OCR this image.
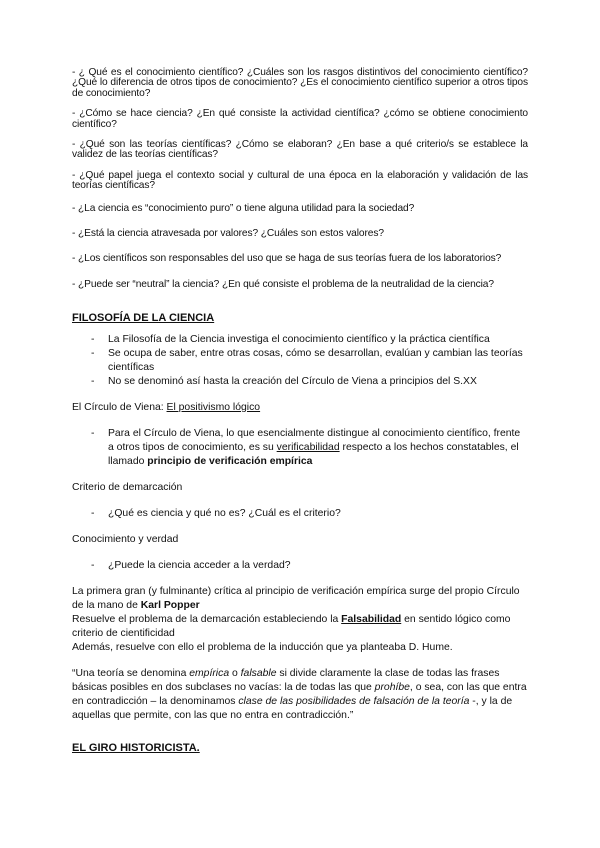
- ¿ Qué es el conocimiento científico? ¿Cuáles son los rasgos distintivos del conocimiento científico? ¿Qué lo diferencia de otros tipos de conocimiento? ¿Es el conocimiento científico superior a otros tipos de conocimiento?

- ¿Cómo se hace ciencia? ¿En qué consiste la actividad científica? ¿cómo se obtiene conocimiento científico?

- ¿Qué son las teorías científicas? ¿Cómo se elaboran? ¿En base a qué criterio/s se establece la validez de las teorías científicas?

- ¿Qué papel juega el contexto social y cultural de una época en la elaboración y validación de las teorías científicas?

- ¿La ciencia es “conocimiento puro” o tiene alguna utilidad para la sociedad?

- ¿Está la ciencia atravesada por valores? ¿Cuáles son estos valores?

- ¿Los científicos son responsables del uso que se haga de sus teorías fuera de los laboratorios?

- ¿Puede ser “neutral” la ciencia? ¿En qué consiste el problema de la neutralidad de la ciencia?

FILOSOFÍA DE LA CIENCIA
- La Filosofía de la Ciencia investiga el conocimiento científico y la práctica científica
- Se ocupa de saber, entre otras cosas, cómo se desarrollan, evalúan y cambian las teorías científicas
- No se denominó así hasta la creación del Círculo de Viena a principios del S.XX

El Círculo de Viena: El positivismo lógico

- Para el Círculo de Viena, lo que esencialmente distingue al conocimiento científico, frente a otros tipos de conocimiento, es su verificabilidad respecto a los hechos constatables, el llamado principio de verificación empírica

Criterio de demarcación

- ¿Qué es ciencia y qué no es? ¿Cuál es el criterio?

Conocimiento y verdad

- ¿Puede la ciencia acceder a la verdad?

La primera gran (y fulminante) crítica al principio de verificación empírica surge del propio Círculo de la mano de Karl Popper
Resuelve el problema de la demarcación estableciendo la Falsabilidad en sentido lógico como criterio de cientificidad
Además, resuelve con ello el problema de la inducción que ya planteaba D. Hume.

“Una teoría se denomina empírica o falsable si divide claramente la clase de todas las frases básicas posibles en dos subclases no vacías: la de todas las que prohíbe, o sea, con las que entra en contradicción – la denominamos clase de las posibilidades de falsación de la teoría -, y la de aquellas que permite, con las que no entra en contradicción.”

EL GIRO HISTORICISTA.
